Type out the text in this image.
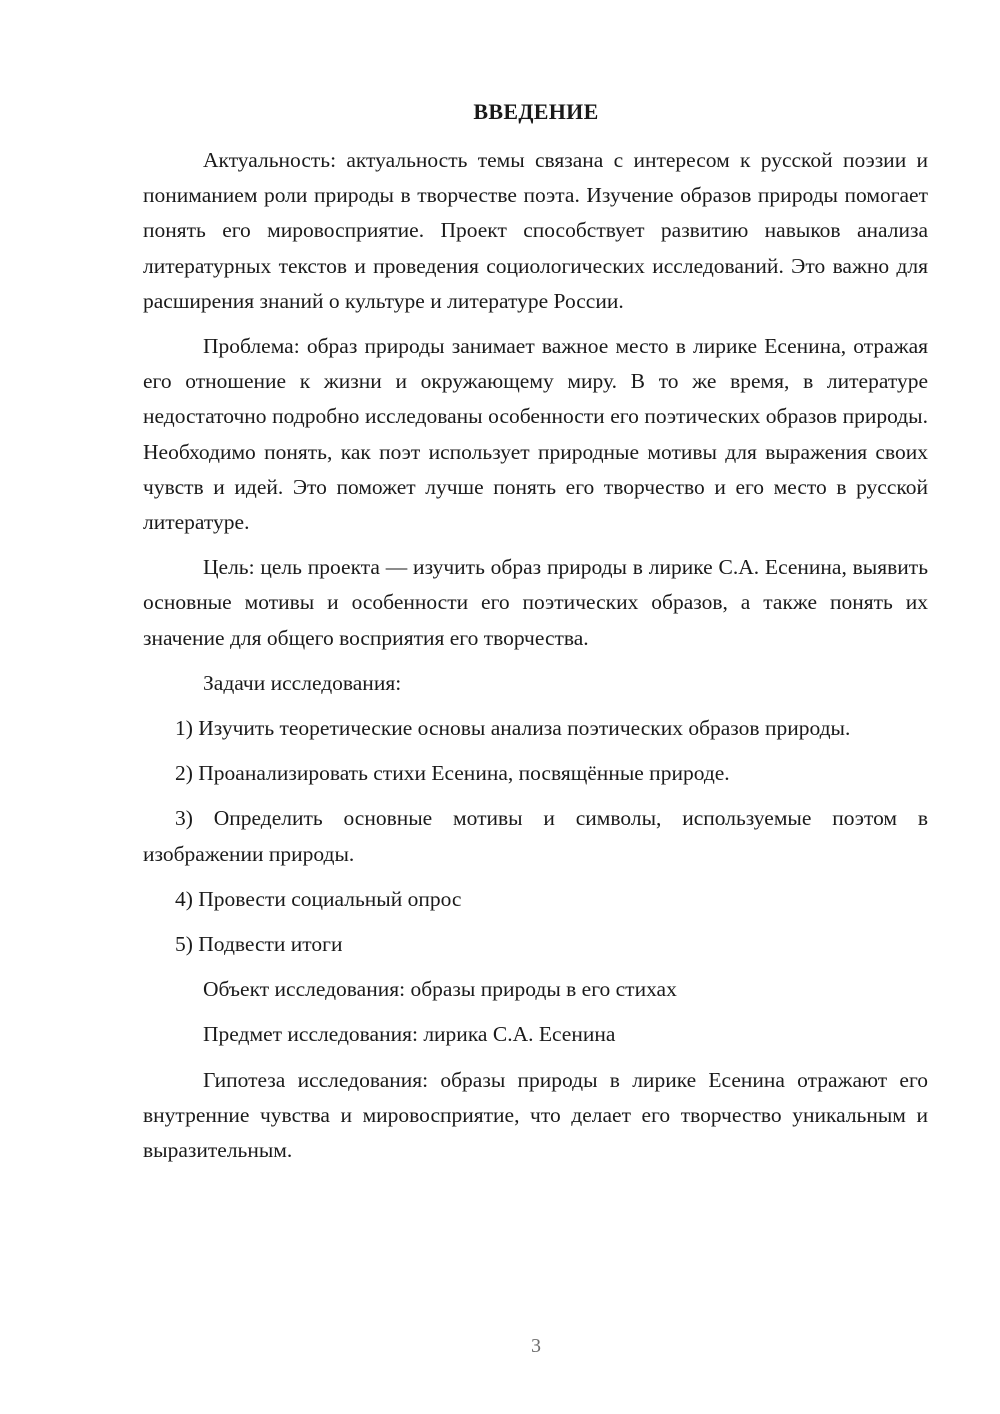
ВВЕДЕНИЕ

Актуальность: актуальность темы связана с интересом к русской поэзии и пониманием роли природы в творчестве поэта. Изучение образов природы помогает понять его мировосприятие. Проект способствует развитию навыков анализа литературных текстов и проведения социологических исследований. Это важно для расширения знаний о культуре и литературе России.

Проблема: образ природы занимает важное место в лирике Есенина, отражая его отношение к жизни и окружающему миру. В то же время, в литературе недостаточно подробно исследованы особенности его поэтических образов природы. Необходимо понять, как поэт использует природные мотивы для выражения своих чувств и идей. Это поможет лучше понять его творчество и его место в русской литературе.

Цель: цель проекта — изучить образ природы в лирике С.А. Есенина, выявить основные мотивы и особенности его поэтических образов, а также понять их значение для общего восприятия его творчества.

Задачи исследования:

1) Изучить теоретические основы анализа поэтических образов природы.

2) Проанализировать стихи Есенина, посвящённые природе.

3) Определить основные мотивы и символы, используемые поэтом в изображении природы.

4) Провести социальный опрос

5) Подвести итоги

Объект исследования: образы природы в его стихах

Предмет исследования: лирика С.А. Есенина

Гипотеза исследования: образы природы в лирике Есенина отражают его внутренние чувства и мировосприятие, что делает его творчество уникальным и выразительным.

3
